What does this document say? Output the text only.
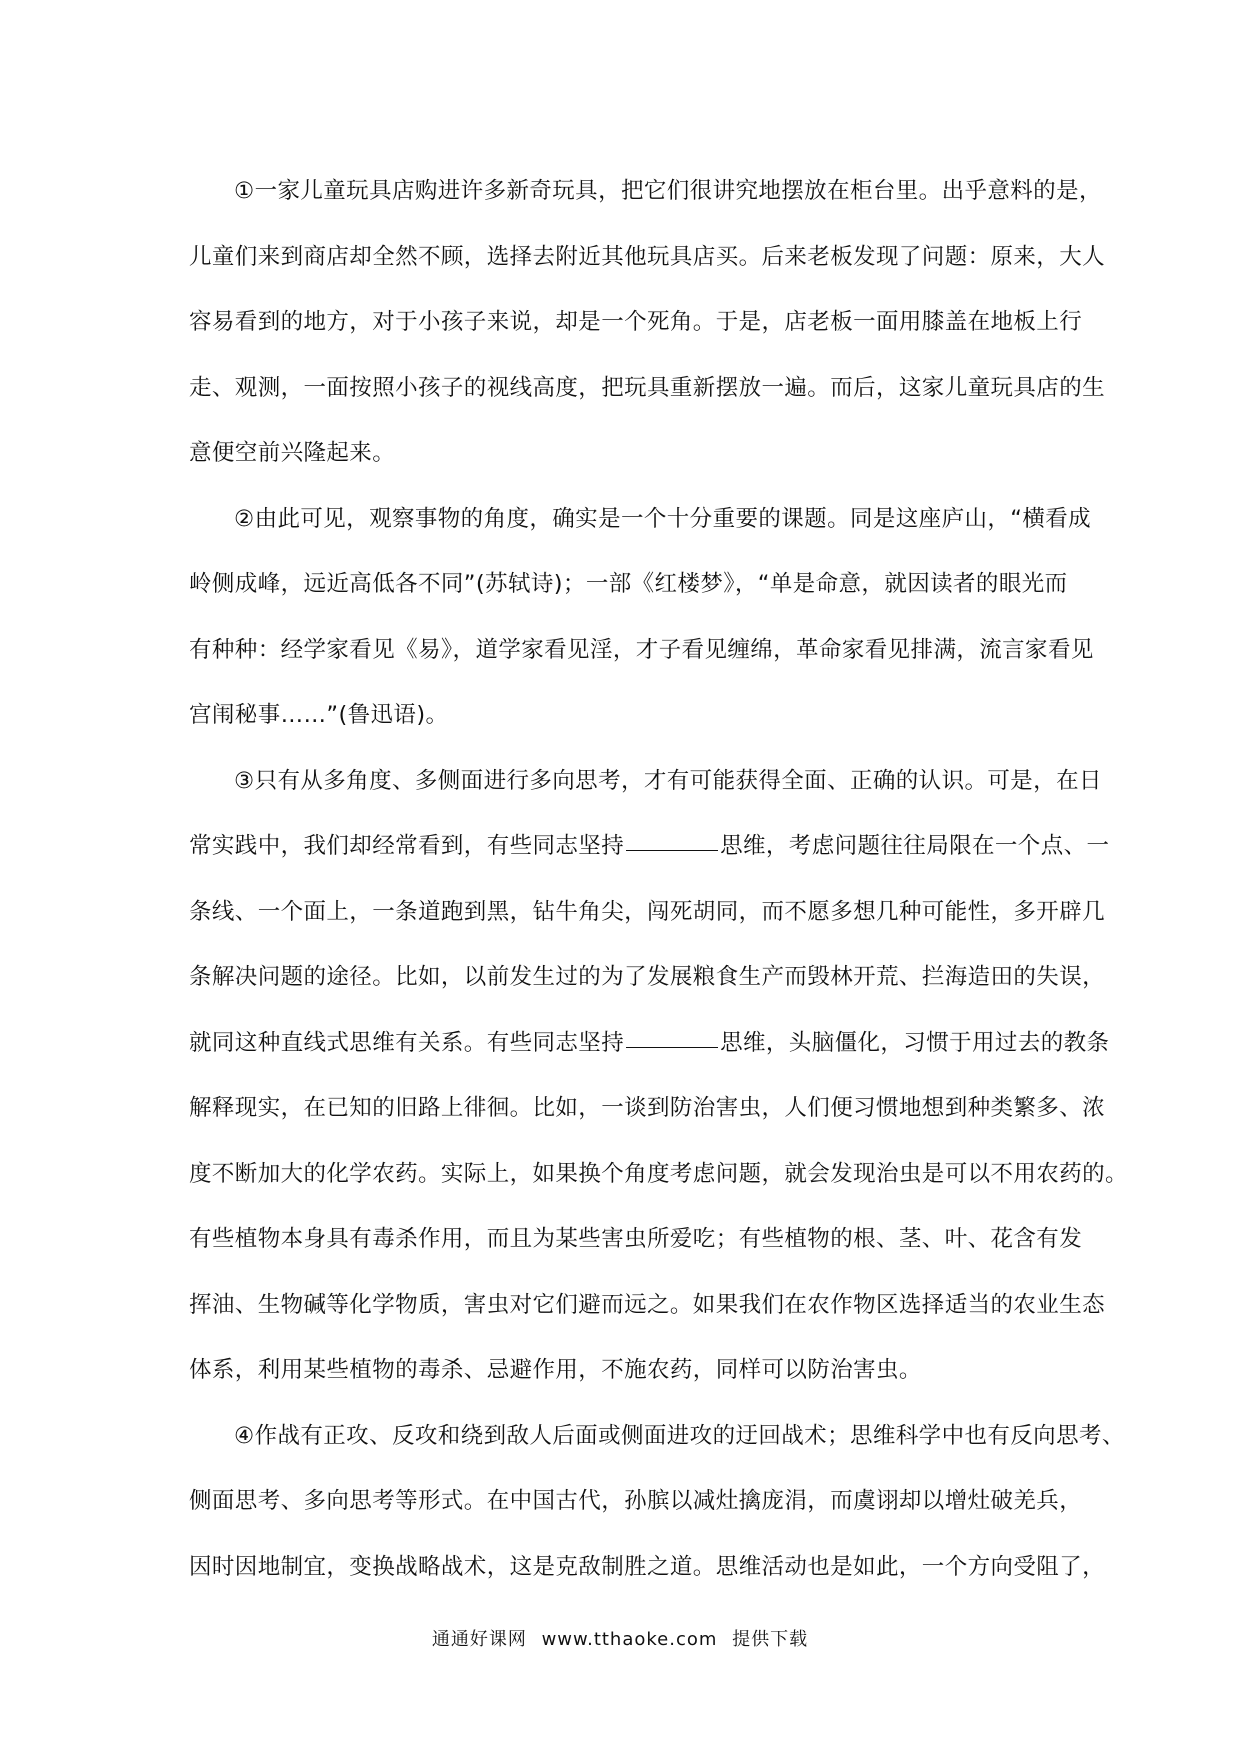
①一家儿童玩具店购进许多新奇玩具，把它们很讲究地摆放在柜台里。出乎意料的是，
儿童们来到商店却全然不顾，选择去附近其他玩具店买。后来老板发现了问题：原来，大人
容易看到的地方，对于小孩子来说，却是一个死角。于是，店老板一面用膝盖在地板上行
走、观测，一面按照小孩子的视线高度，把玩具重新摆放一遍。而后，这家儿童玩具店的生
意便空前兴隆起来。
②由此可见，观察事物的角度，确实是一个十分重要的课题。同是这座庐山，“横看成
岭侧成峰，远近高低各不同”(苏轼诗)；一部《红楼梦》，“单是命意，就因读者的眼光而
有种种：经学家看见《易》，道学家看见淫，才子看见缠绵，革命家看见排满，流言家看见
宫闱秘事……”(鲁迅语)。
③只有从多角度、多侧面进行多向思考，才有可能获得全面、正确的认识。可是，在日
常实践中，我们却经常看到，有些同志坚持	思维，考虑问题往往局限在一个点、一
条线、一个面上，一条道跑到黑，钻牛角尖，闯死胡同，而不愿多想几种可能性，多开辟几
条解决问题的途径。比如，以前发生过的为了发展粮食生产而毁林开荒、拦海造田的失误，
就同这种直线式思维有关系。有些同志坚持	思维，头脑僵化，习惯于用过去的教条
解释现实，在已知的旧路上徘徊。比如，一谈到防治害虫，人们便习惯地想到种类繁多、浓
度不断加大的化学农药。实际上，如果换个角度考虑问题，就会发现治虫是可以不用农药的。
有些植物本身具有毒杀作用，而且为某些害虫所爱吃；有些植物的根、茎、叶、花含有发
挥油、生物碱等化学物质，害虫对它们避而远之。如果我们在农作物区选择适当的农业生态
体系，利用某些植物的毒杀、忌避作用，不施农药，同样可以防治害虫。
④作战有正攻、反攻和绕到敌人后面或侧面进攻的迂回战术；思维科学中也有反向思考、
侧面思考、多向思考等形式。在中国古代，孙膑以减灶擒庞涓，而虞诩却以增灶破羌兵，
因时因地制宜，变换战略战术，这是克敌制胜之道。思维活动也是如此，一个方向受阻了，
通通好课网 www.tthaoke.com 提供下载
